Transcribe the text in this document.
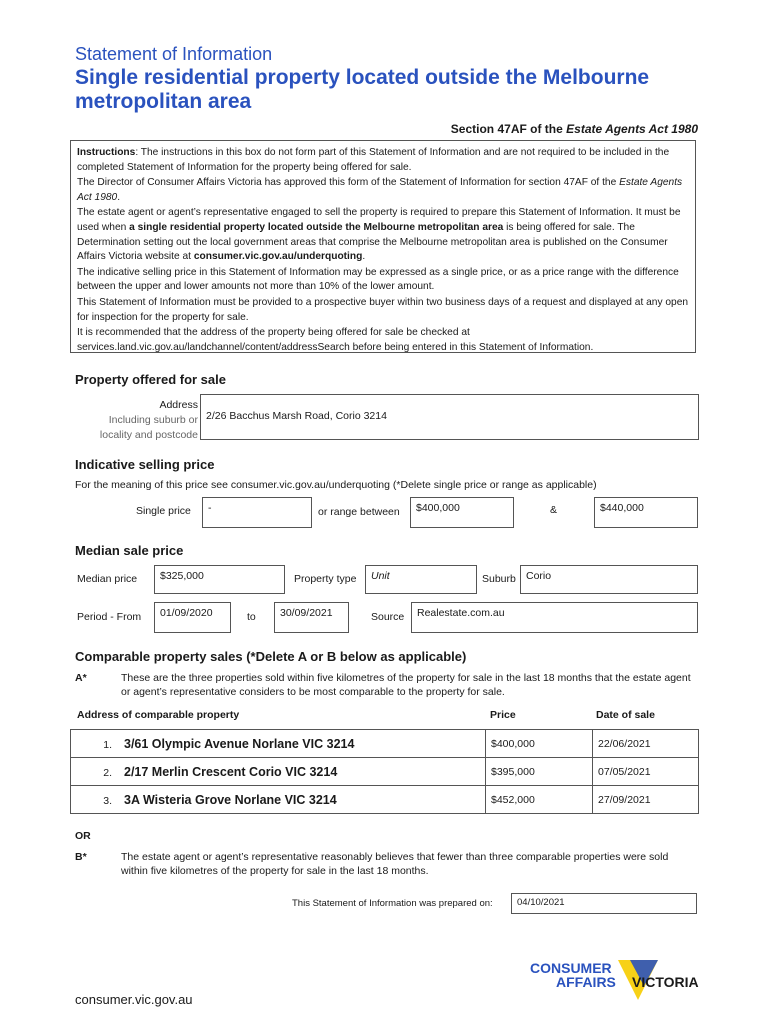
Statement of Information
Single residential property located outside the Melbourne metropolitan area
Section 47AF of the Estate Agents Act 1980

Instructions: The instructions in this box do not form part of this Statement of Information and are not required to be included in the completed Statement of Information for the property being offered for sale.

The Director of Consumer Affairs Victoria has approved this form of the Statement of Information for section 47AF of the Estate Agents Act 1980.

The estate agent or agent’s representative engaged to sell the property is required to prepare this Statement of Information. It must be used when a single residential property located outside the Melbourne metropolitan area is being offered for sale. The Determination setting out the local government areas that comprise the Melbourne metropolitan area is published on the Consumer Affairs Victoria website at consumer.vic.gov.au/underquoting.

The indicative selling price in this Statement of Information may be expressed as a single price, or as a price range with the difference between the upper and lower amounts not more than 10% of the lower amount.

This Statement of Information must be provided to a prospective buyer within two business days of a request and displayed at any open for inspection for the property for sale.

It is recommended that the address of the property being offered for sale be checked at services.land.vic.gov.au/landchannel/content/addressSearch before being entered in this Statement of Information.

Property offered for sale
Address
Including suburb or
locality and postcode
2/26 Bacchus Marsh Road, Corio 3214
Indicative selling price
For the meaning of this price see consumer.vic.gov.au/underquoting (*Delete single price or range as applicable)
Single price	-	or range between	$400,000	&	$440,000
Median sale price
Median price	$325,000	Property type	Unit	Suburb Corio
Period - From	01/09/2020	to	30/09/2021	Source	Realestate.com.au
Comparable property sales (*Delete A or B below as applicable)
A*	These are the three properties sold within five kilometres of the property for sale in the last 18 months that the estate agent or agent’s representative considers to be most comparable to the property for sale.
Address of comparable property	Price	Date of sale
1. 3/61 Olympic Avenue Norlane VIC 3214	$400,000	22/06/2021
2. 2/17 Merlin Crescent Corio VIC 3214	$395,000	07/05/2021
3. 3A Wisteria Grove Norlane VIC 3214	$452,000	27/09/2021
OR
B*	The estate agent or agent’s representative reasonably believes that fewer than three comparable properties were sold within five kilometres of the property for sale in the last 18 months.
This Statement of Information was prepared on:	04/10/2021
CONSUMER
AFFAIRS VICTORIA
consumer.vic.gov.au
